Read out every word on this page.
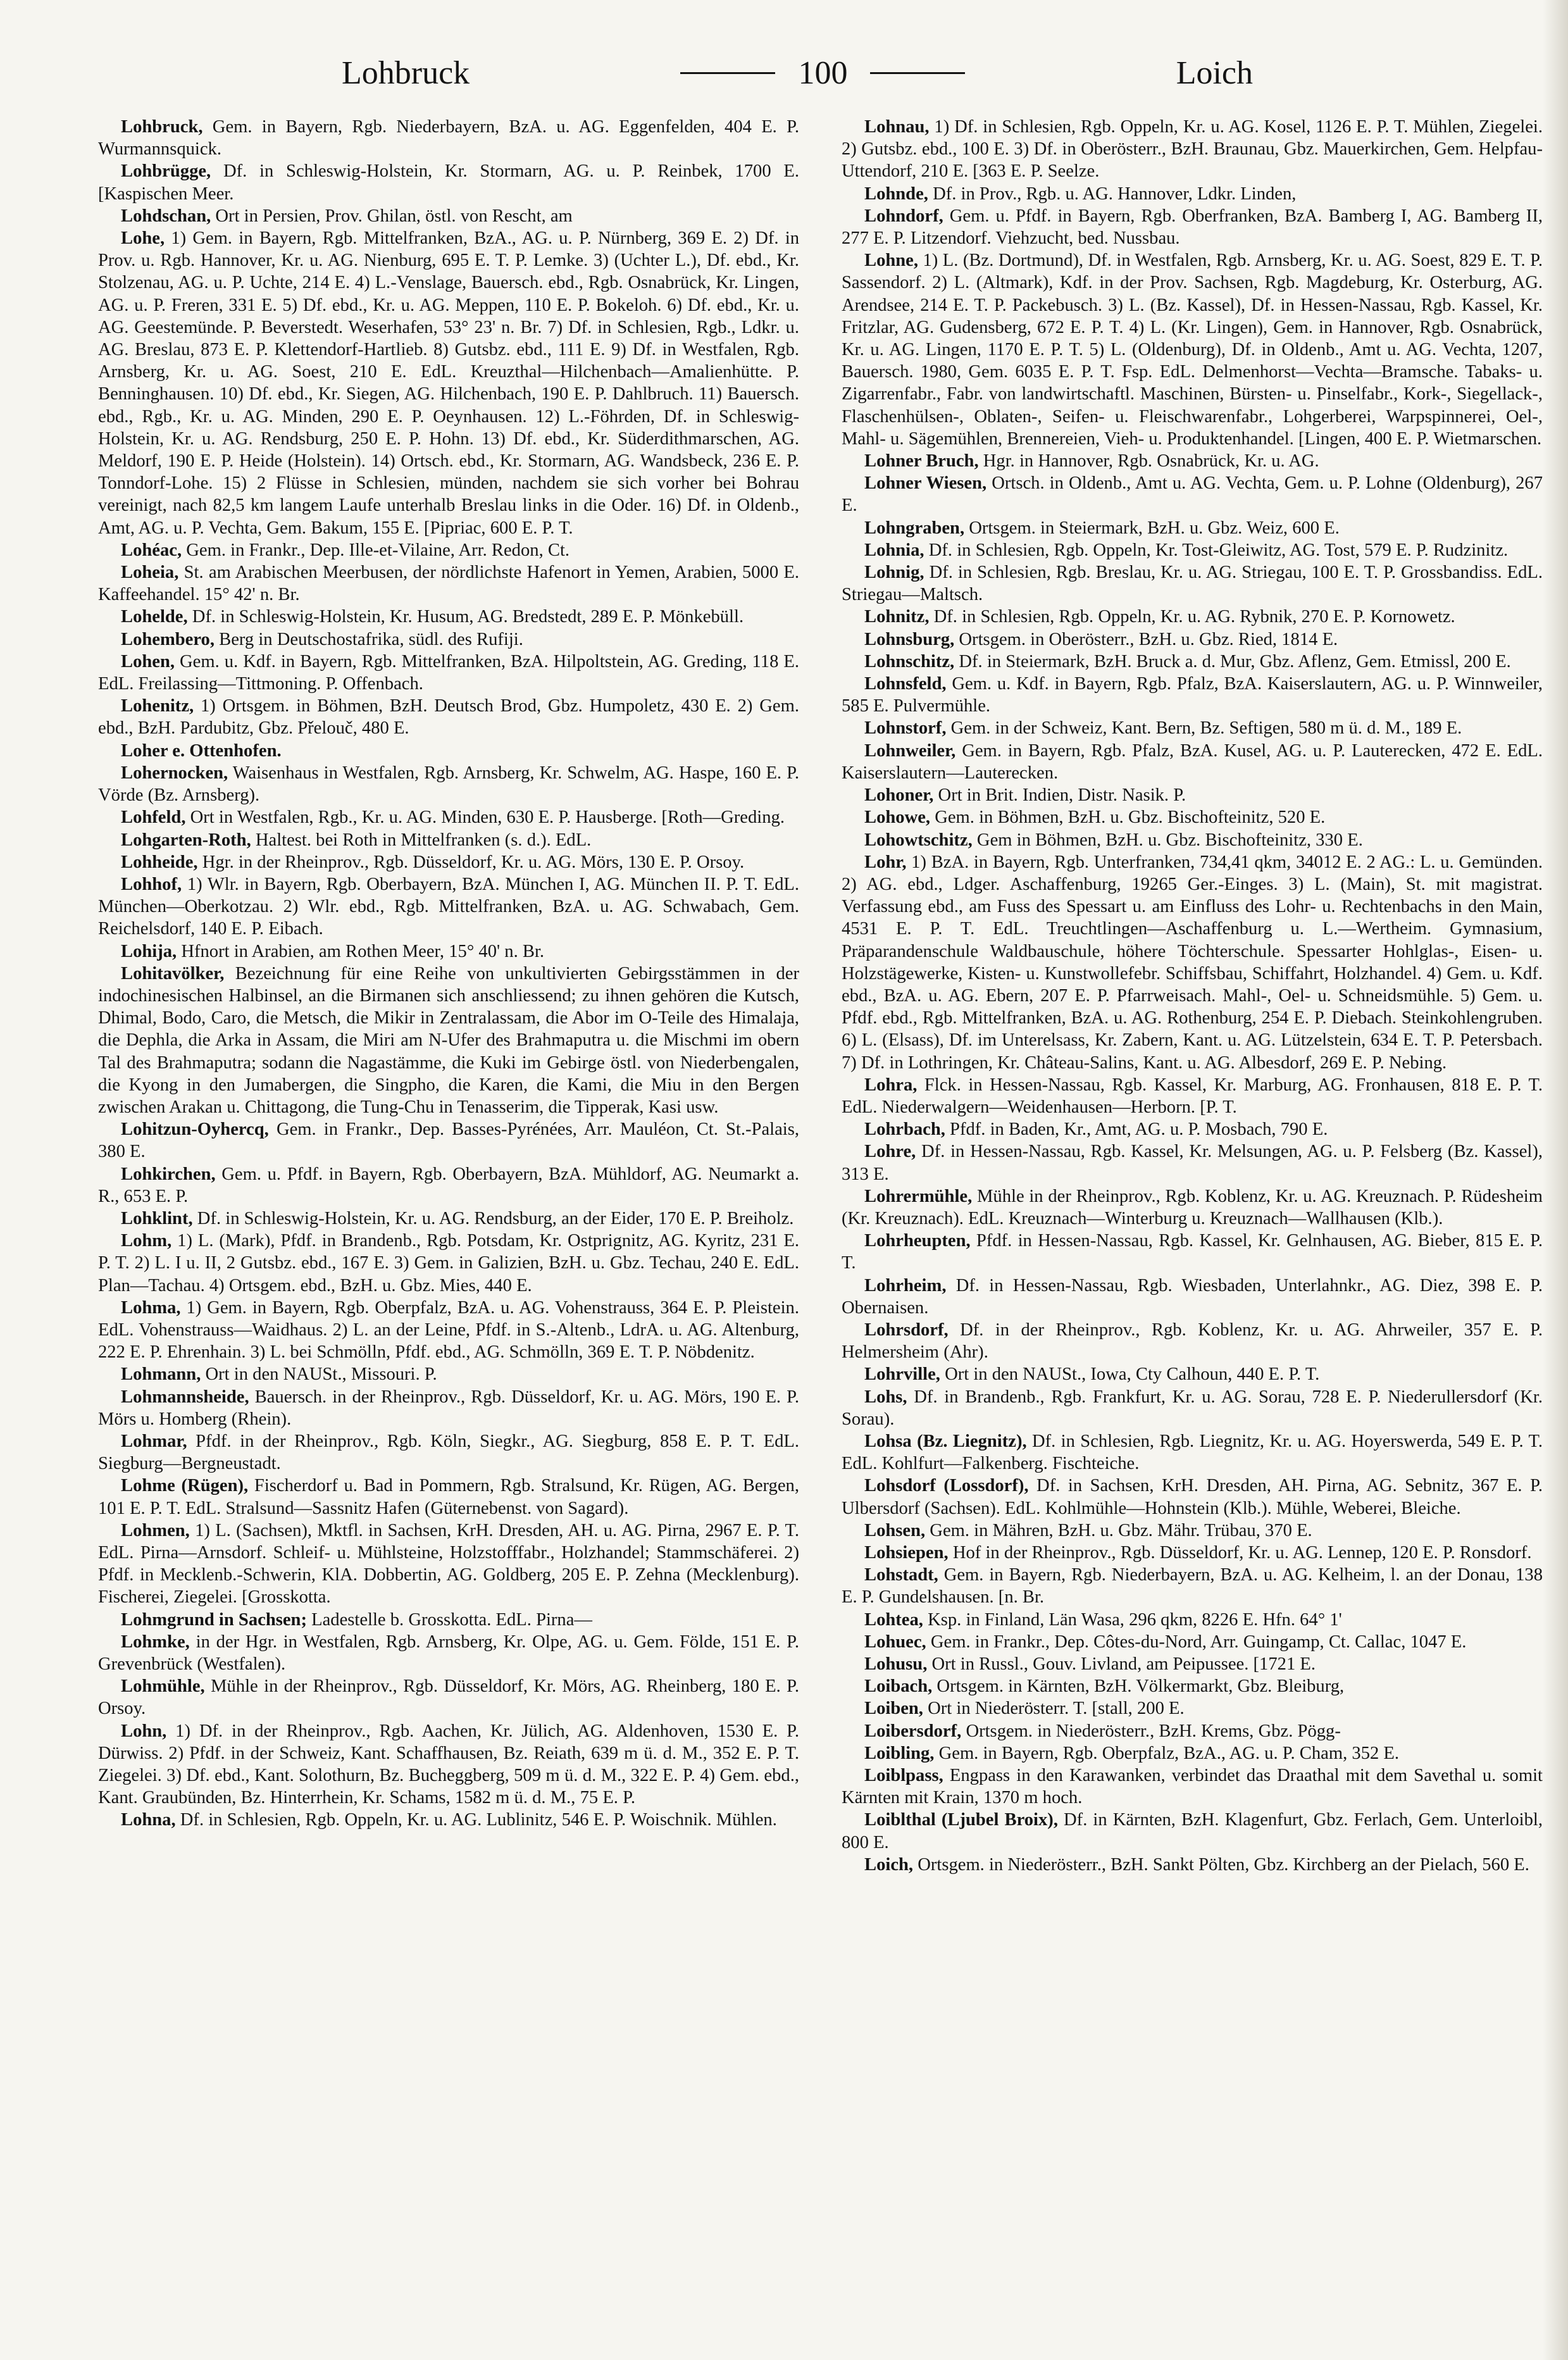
Lohbruck	100	Loich

Lohbruck, Gem. in Bayern, Rgb. Niederbayern, BzA. u. AG. Eggenfelden, 404 E. P. Wurmannsquick.

Lohbrügge, Df. in Schleswig-Holstein, Kr. Stormarn, AG. u. P. Reinbek, 1700 E. [Kaspischen Meer.

Lohdschan, Ort in Persien, Prov. Ghilan, östl. von Rescht, am

Lohe, 1) Gem. in Bayern, Rgb. Mittelfranken, BzA., AG. u. P. Nürnberg, 369 E. 2) Df. in Prov. u. Rgb. Hannover, Kr. u. AG. Nienburg, 695 E. T. P. Lemke. 3) (Uchter L.), Df. ebd., Kr. Stolzenau, AG. u. P. Uchte, 214 E. 4) L.-Venslage, Bauersch. ebd., Rgb. Osnabrück, Kr. Lingen, AG. u. P. Freren, 331 E. 5) Df. ebd., Kr. u. AG. Meppen, 110 E. P. Bokeloh. 6) Df. ebd., Kr. u. AG. Geestemünde. P. Beverstedt. Weserhafen, 53° 23' n. Br. 7) Df. in Schlesien, Rgb., Ldkr. u. AG. Breslau, 873 E. P. Klettendorf-Hartlieb. 8) Gutsbz. ebd., 111 E. 9) Df. in Westfalen, Rgb. Arnsberg, Kr. u. AG. Soest, 210 E. EdL. Kreuzthal—Hilchenbach—Amalienhütte. P. Benninghausen. 10) Df. ebd., Kr. Siegen, AG. Hilchenbach, 190 E. P. Dahlbruch. 11) Bauersch. ebd., Rgb., Kr. u. AG. Minden, 290 E. P. Oeynhausen. 12) L.-Föhrden, Df. in Schleswig-Holstein, Kr. u. AG. Rendsburg, 250 E. P. Hohn. 13) Df. ebd., Kr. Süderdithmarschen, AG. Meldorf, 190 E. P. Heide (Holstein). 14) Ortsch. ebd., Kr. Stormarn, AG. Wandsbeck, 236 E. P. Tonndorf-Lohe. 15) 2 Flüsse in Schlesien, münden, nachdem sie sich vorher bei Bohrau vereinigt, nach 82,5 km langem Laufe unterhalb Breslau links in die Oder. 16) Df. in Oldenb., Amt, AG. u. P. Vechta, Gem. Bakum, 155 E. [Pipriac, 600 E. P. T.

Lohéac, Gem. in Frankr., Dep. Ille-et-Vilaine, Arr. Redon, Ct.

Loheia, St. am Arabischen Meerbusen, der nördlichste Hafenort in Yemen, Arabien, 5000 E. Kaffeehandel. 15° 42' n. Br.

Lohelde, Df. in Schleswig-Holstein, Kr. Husum, AG. Bredstedt, 289 E. P. Mönkebüll.

Lohembero, Berg in Deutschostafrika, südl. des Rufiji.

Lohen, Gem. u. Kdf. in Bayern, Rgb. Mittelfranken, BzA. Hilpoltstein, AG. Greding, 118 E. EdL. Freilassing—Tittmoning. P. Offenbach.

Lohenitz, 1) Ortsgem. in Böhmen, BzH. Deutsch Brod, Gbz. Humpoletz, 430 E. 2) Gem. ebd., BzH. Pardubitz, Gbz. Přelouč, 480 E.

Loher e. Ottenhofen.

Lohernocken, Waisenhaus in Westfalen, Rgb. Arnsberg, Kr. Schwelm, AG. Haspe, 160 E. P. Vörde (Bz. Arnsberg).

Lohfeld, Ort in Westfalen, Rgb., Kr. u. AG. Minden, 630 E. P. Hausberge. [Roth—Greding.

Lohgarten-Roth, Haltest. bei Roth in Mittelfranken (s. d.). EdL.

Lohheide, Hgr. in der Rheinprov., Rgb. Düsseldorf, Kr. u. AG. Mörs, 130 E. P. Orsoy.

Lohhof, 1) Wlr. in Bayern, Rgb. Oberbayern, BzA. München I, AG. München II. P. T. EdL. München—Oberkotzau. 2) Wlr. ebd., Rgb. Mittelfranken, BzA. u. AG. Schwabach, Gem. Reichelsdorf, 140 E. P. Eibach.

Lohija, Hfnort in Arabien, am Rothen Meer, 15° 40' n. Br.

Lohitavölker, Bezeichnung für eine Reihe von unkultivierten Gebirgsstämmen in der indochinesischen Halbinsel, an die Birmanen sich anschliessend; zu ihnen gehören die Kutsch, Dhimal, Bodo, Caro, die Metsch, die Mikir in Zentralassam, die Abor im O-Teile des Himalaja, die Dephla, die Arka in Assam, die Miri am N-Ufer des Brahmaputra u. die Mischmi im obern Tal des Brahmaputra; sodann die Nagastämme, die Kuki im Gebirge östl. von Niederbengalen, die Kyong in den Jumabergen, die Singpho, die Karen, die Kami, die Miu in den Bergen zwischen Arakan u. Chittagong, die Tung-Chu in Tenasserim, die Tipperak, Kasi usw.

Lohitzun-Oyhercq, Gem. in Frankr., Dep. Basses-Pyrénées, Arr. Mauléon, Ct. St.-Palais, 380 E.

Lohkirchen, Gem. u. Pfdf. in Bayern, Rgb. Oberbayern, BzA. Mühldorf, AG. Neumarkt a. R., 653 E. P.

Lohklint, Df. in Schleswig-Holstein, Kr. u. AG. Rendsburg, an der Eider, 170 E. P. Breiholz.

Lohm, 1) L. (Mark), Pfdf. in Brandenb., Rgb. Potsdam, Kr. Ostprignitz, AG. Kyritz, 231 E. P. T. 2) L. I u. II, 2 Gutsbz. ebd., 167 E. 3) Gem. in Galizien, BzH. u. Gbz. Techau, 240 E. EdL. Plan—Tachau. 4) Ortsgem. ebd., BzH. u. Gbz. Mies, 440 E.

Lohma, 1) Gem. in Bayern, Rgb. Oberpfalz, BzA. u. AG. Vohenstrauss, 364 E. P. Pleistein. EdL. Vohenstrauss—Waidhaus. 2) L. an der Leine, Pfdf. in S.-Altenb., LdrA. u. AG. Altenburg, 222 E. P. Ehrenhain. 3) L. bei Schmölln, Pfdf. ebd., AG. Schmölln, 369 E. T. P. Nöbdenitz.

Lohmann, Ort in den NAUSt., Missouri. P.

Lohmannsheide, Bauersch. in der Rheinprov., Rgb. Düsseldorf, Kr. u. AG. Mörs, 190 E. P. Mörs u. Homberg (Rhein).

Lohmar, Pfdf. in der Rheinprov., Rgb. Köln, Siegkr., AG. Siegburg, 858 E. P. T. EdL. Siegburg—Bergneustadt.

Lohme (Rügen), Fischerdorf u. Bad in Pommern, Rgb. Stralsund, Kr. Rügen, AG. Bergen, 101 E. P. T. EdL. Stralsund—Sassnitz Hafen (Güternebenst. von Sagard).

Lohmen, 1) L. (Sachsen), Mktfl. in Sachsen, KrH. Dresden, AH. u. AG. Pirna, 2967 E. P. T. EdL. Pirna—Arnsdorf. Schleif- u. Mühlsteine, Holzstofffabr., Holzhandel; Stammschäferei. 2) Pfdf. in Mecklenb.-Schwerin, KlA. Dobbertin, AG. Goldberg, 205 E. P. Zehna (Mecklenburg). Fischerei, Ziegelei. [Grosskotta.

Lohmgrund in Sachsen; Ladestelle b. Grosskotta. EdL. Pirna—

Lohmke, in der Hgr. in Westfalen, Rgb. Arnsberg, Kr. Olpe, AG. u. Gem. Földe, 151 E. P. Grevenbrück (Westfalen).

Lohmühle, Mühle in der Rheinprov., Rgb. Düsseldorf, Kr. Mörs, AG. Rheinberg, 180 E. P. Orsoy.

Lohn, 1) Df. in der Rheinprov., Rgb. Aachen, Kr. Jülich, AG. Aldenhoven, 1530 E. P. Dürwiss. 2) Pfdf. in der Schweiz, Kant. Schaffhausen, Bz. Reiath, 639 m ü. d. M., 352 E. P. T. Ziegelei. 3) Df. ebd., Kant. Solothurn, Bz. Bucheggberg, 509 m ü. d. M., 322 E. P. 4) Gem. ebd., Kant. Graubünden, Bz. Hinterrhein, Kr. Schams, 1582 m ü. d. M., 75 E. P.

Lohna, Df. in Schlesien, Rgb. Oppeln, Kr. u. AG. Lublinitz, 546 E. P. Woischnik. Mühlen.

Lohnau, 1) Df. in Schlesien, Rgb. Oppeln, Kr. u. AG. Kosel, 1126 E. P. T. Mühlen, Ziegelei. 2) Gutsbz. ebd., 100 E. 3) Df. in Oberösterr., BzH. Braunau, Gbz. Mauerkirchen, Gem. Helpfau-Uttendorf, 210 E. [363 E. P. Seelze.

Lohnde, Df. in Prov., Rgb. u. AG. Hannover, Ldkr. Linden,

Lohndorf, Gem. u. Pfdf. in Bayern, Rgb. Oberfranken, BzA. Bamberg I, AG. Bamberg II, 277 E. P. Litzendorf. Viehzucht, bed. Nussbau.

Lohne, 1) L. (Bz. Dortmund), Df. in Westfalen, Rgb. Arnsberg, Kr. u. AG. Soest, 829 E. T. P. Sassendorf. 2) L. (Altmark), Kdf. in der Prov. Sachsen, Rgb. Magdeburg, Kr. Osterburg, AG. Arendsee, 214 E. T. P. Packebusch. 3) L. (Bz. Kassel), Df. in Hessen-Nassau, Rgb. Kassel, Kr. Fritzlar, AG. Gudensberg, 672 E. P. T. 4) L. (Kr. Lingen), Gem. in Hannover, Rgb. Osnabrück, Kr. u. AG. Lingen, 1170 E. P. T. 5) L. (Oldenburg), Df. in Oldenb., Amt u. AG. Vechta, 1207, Bauersch. 1980, Gem. 6035 E. P. T. Fsp. EdL. Delmenhorst—Vechta—Bramsche. Tabaks- u. Zigarrenfabr., Fabr. von landwirtschaftl. Maschinen, Bürsten- u. Pinselfabr., Kork-, Siegellack-, Flaschenhülsen-, Oblaten-, Seifen- u. Fleischwarenfabr., Lohgerberei, Warpspinnerei, Oel-, Mahl- u. Sägemühlen, Brennereien, Vieh- u. Produktenhandel. [Lingen, 400 E. P. Wietmarschen.

Lohner Bruch, Hgr. in Hannover, Rgb. Osnabrück, Kr. u. AG.

Lohner Wiesen, Ortsch. in Oldenb., Amt u. AG. Vechta, Gem. u. P. Lohne (Oldenburg), 267 E.

Lohngraben, Ortsgem. in Steiermark, BzH. u. Gbz. Weiz, 600 E.

Lohnia, Df. in Schlesien, Rgb. Oppeln, Kr. Tost-Gleiwitz, AG. Tost, 579 E. P. Rudzinitz.

Lohnig, Df. in Schlesien, Rgb. Breslau, Kr. u. AG. Striegau, 100 E. T. P. Grossbandiss. EdL. Striegau—Maltsch.

Lohnitz, Df. in Schlesien, Rgb. Oppeln, Kr. u. AG. Rybnik, 270 E. P. Kornowetz.

Lohnsburg, Ortsgem. in Oberösterr., BzH. u. Gbz. Ried, 1814 E.

Lohnschitz, Df. in Steiermark, BzH. Bruck a. d. Mur, Gbz. Aflenz, Gem. Etmissl, 200 E.

Lohnsfeld, Gem. u. Kdf. in Bayern, Rgb. Pfalz, BzA. Kaiserslautern, AG. u. P. Winnweiler, 585 E. Pulvermühle.

Lohnstorf, Gem. in der Schweiz, Kant. Bern, Bz. Seftigen, 580 m ü. d. M., 189 E.

Lohnweiler, Gem. in Bayern, Rgb. Pfalz, BzA. Kusel, AG. u. P. Lauterecken, 472 E. EdL. Kaiserslautern—Lauterecken.

Lohoner, Ort in Brit. Indien, Distr. Nasik. P.

Lohowe, Gem. in Böhmen, BzH. u. Gbz. Bischofteinitz, 520 E.

Lohowtschitz, Gem in Böhmen, BzH. u. Gbz. Bischofteinitz, 330 E.

Lohr, 1) BzA. in Bayern, Rgb. Unterfranken, 734,41 qkm, 34012 E. 2 AG.: L. u. Gemünden. 2) AG. ebd., Ldger. Aschaffenburg, 19265 Ger.-Einges. 3) L. (Main), St. mit magistrat. Verfassung ebd., am Fuss des Spessart u. am Einfluss des Lohr- u. Rechtenbachs in den Main, 4531 E. P. T. EdL. Treuchtlingen—Aschaffenburg u. L.—Wertheim. Gymnasium, Präparandenschule Waldbauschule, höhere Töchterschule. Spessarter Hohlglas-, Eisen- u. Holzstägewerke, Kisten- u. Kunstwollefebr. Schiffsbau, Schiffahrt, Holzhandel. 4) Gem. u. Kdf. ebd., BzA. u. AG. Ebern, 207 E. P. Pfarrweisach. Mahl-, Oel- u. Schneidsmühle. 5) Gem. u. Pfdf. ebd., Rgb. Mittelfranken, BzA. u. AG. Rothenburg, 254 E. P. Diebach. Steinkohlengruben. 6) L. (Elsass), Df. im Unterelsass, Kr. Zabern, Kant. u. AG. Lützelstein, 634 E. T. P. Petersbach. 7) Df. in Lothringen, Kr. Château-Salins, Kant. u. AG. Albesdorf, 269 E. P. Nebing.

Lohra, Flck. in Hessen-Nassau, Rgb. Kassel, Kr. Marburg, AG. Fronhausen, 818 E. P. T. EdL. Niederwalgern—Weidenhausen—Herborn. [P. T.

Lohrbach, Pfdf. in Baden, Kr., Amt, AG. u. P. Mosbach, 790 E.

Lohre, Df. in Hessen-Nassau, Rgb. Kassel, Kr. Melsungen, AG. u. P. Felsberg (Bz. Kassel), 313 E.

Lohrermühle, Mühle in der Rheinprov., Rgb. Koblenz, Kr. u. AG. Kreuznach. P. Rüdesheim (Kr. Kreuznach). EdL. Kreuznach—Winterburg u. Kreuznach—Wallhausen (Klb.).

Lohrheupten, Pfdf. in Hessen-Nassau, Rgb. Kassel, Kr. Gelnhausen, AG. Bieber, 815 E. P. T.

Lohrheim, Df. in Hessen-Nassau, Rgb. Wiesbaden, Unterlahnkr., AG. Diez, 398 E. P. Obernaisen.

Lohrsdorf, Df. in der Rheinprov., Rgb. Koblenz, Kr. u. AG. Ahrweiler, 357 E. P. Helmersheim (Ahr).

Lohrville, Ort in den NAUSt., Iowa, Cty Calhoun, 440 E. P. T.

Lohs, Df. in Brandenb., Rgb. Frankfurt, Kr. u. AG. Sorau, 728 E. P. Niederullersdorf (Kr. Sorau).

Lohsa (Bz. Liegnitz), Df. in Schlesien, Rgb. Liegnitz, Kr. u. AG. Hoyerswerda, 549 E. P. T. EdL. Kohlfurt—Falkenberg. Fischteiche.

Lohsdorf (Lossdorf), Df. in Sachsen, KrH. Dresden, AH. Pirna, AG. Sebnitz, 367 E. P. Ulbersdorf (Sachsen). EdL. Kohlmühle—Hohnstein (Klb.). Mühle, Weberei, Bleiche.

Lohsen, Gem. in Mähren, BzH. u. Gbz. Mähr. Trübau, 370 E.

Lohsiepen, Hof in der Rheinprov., Rgb. Düsseldorf, Kr. u. AG. Lennep, 120 E. P. Ronsdorf.

Lohstadt, Gem. in Bayern, Rgb. Niederbayern, BzA. u. AG. Kelheim, l. an der Donau, 138 E. P. Gundelshausen. [n. Br.

Lohtea, Ksp. in Finland, Län Wasa, 296 qkm, 8226 E. Hfn. 64° 1'

Lohuec, Gem. in Frankr., Dep. Côtes-du-Nord, Arr. Guingamp, Ct. Callac, 1047 E.

Lohusu, Ort in Russl., Gouv. Livland, am Peipussee. [1721 E.

Loibach, Ortsgem. in Kärnten, BzH. Völkermarkt, Gbz. Bleiburg,

Loiben, Ort in Niederösterr. T. [stall, 200 E.

Loibersdorf, Ortsgem. in Niederösterr., BzH. Krems, Gbz. Pögg-

Loibling, Gem. in Bayern, Rgb. Oberpfalz, BzA., AG. u. P. Cham, 352 E.

Loiblpass, Engpass in den Karawanken, verbindet das Draathal mit dem Savethal u. somit Kärnten mit Krain, 1370 m hoch.

Loiblthal (Ljubel Broix), Df. in Kärnten, BzH. Klagenfurt, Gbz. Ferlach, Gem. Unterloibl, 800 E.

Loich, Ortsgem. in Niederösterr., BzH. Sankt Pölten, Gbz. Kirchberg an der Pielach, 560 E.
